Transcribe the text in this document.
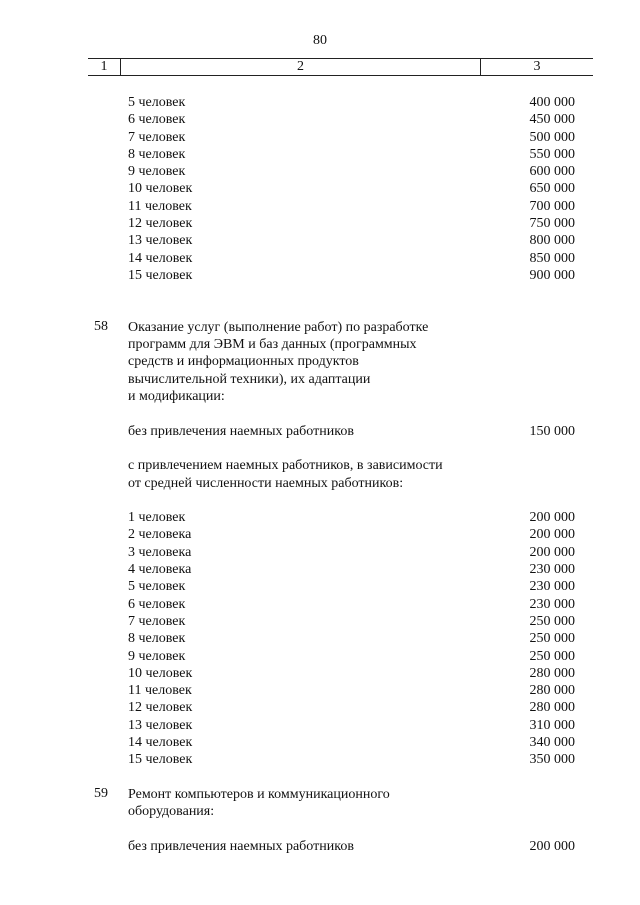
80
1	2	3
5 человек	400 000
6 человек	450 000
7 человек	500 000
8 человек	550 000
9 человек	600 000
10 человек	650 000
11 человек	700 000
12 человек	750 000
13 человек	800 000
14 человек	850 000
15 человек	900 000
58 Оказание услуг (выполнение работ) по разработке
программ для ЭВМ и баз данных (программных
средств и информационных продуктов
вычислительной техники), их адаптации
и модификации:
без привлечения наемных работников	150 000
с привлечением наемных работников, в зависимости
от средней численности наемных работников:
1 человек	200 000
2 человека	200 000
3 человека	200 000
4 человека	230 000
5 человек	230 000
6 человек	230 000
7 человек	250 000
8 человек	250 000
9 человек	250 000
10 человек	280 000
11 человек	280 000
12 человек	280 000
13 человек	310 000
14 человек	340 000
15 человек	350 000
59 Ремонт компьютеров и коммуникационного
оборудования:
без привлечения наемных работников	200 000
